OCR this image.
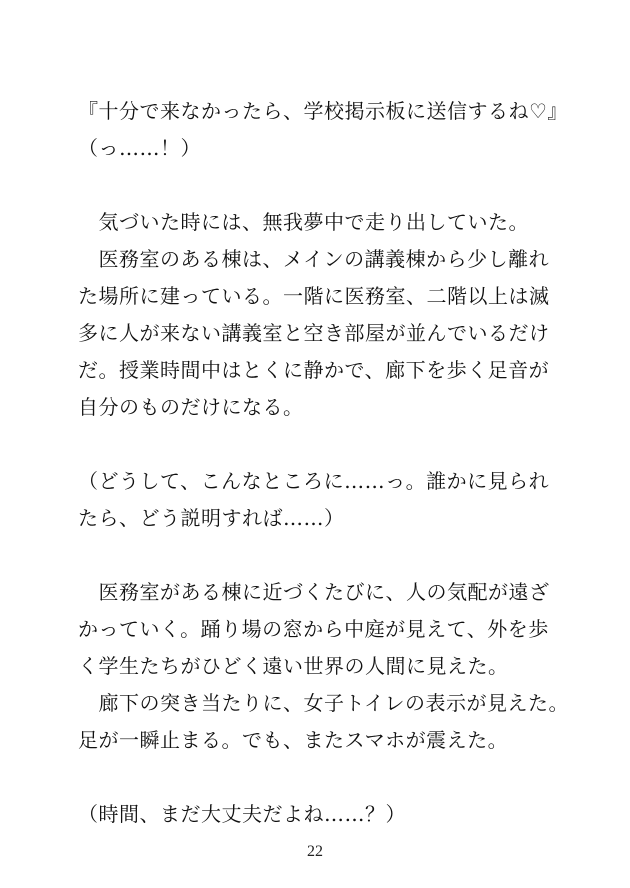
『十分で来なかったら、学校掲示板に送信するね♡』
（っ……！）
　気づいた時には、無我夢中で走り出していた。
　医務室のある棟は、メインの講義棟から少し離れ
た場所に建っている。一階に医務室、二階以上は滅
多に人が来ない講義室と空き部屋が並んでいるだけ
だ。授業時間中はとくに静かで、廊下を歩く足音が
自分のものだけになる。
（どうして、こんなところに……っ。誰かに見られ
たら、どう説明すれば……）
　医務室がある棟に近づくたびに、人の気配が遠ざ
かっていく。踊り場の窓から中庭が見えて、外を歩
く学生たちがひどく遠い世界の人間に見えた。
　廊下の突き当たりに、女子トイレの表示が見えた。
足が一瞬止まる。でも、またスマホが震えた。
（時間、まだ大丈夫だよね……？）
22
